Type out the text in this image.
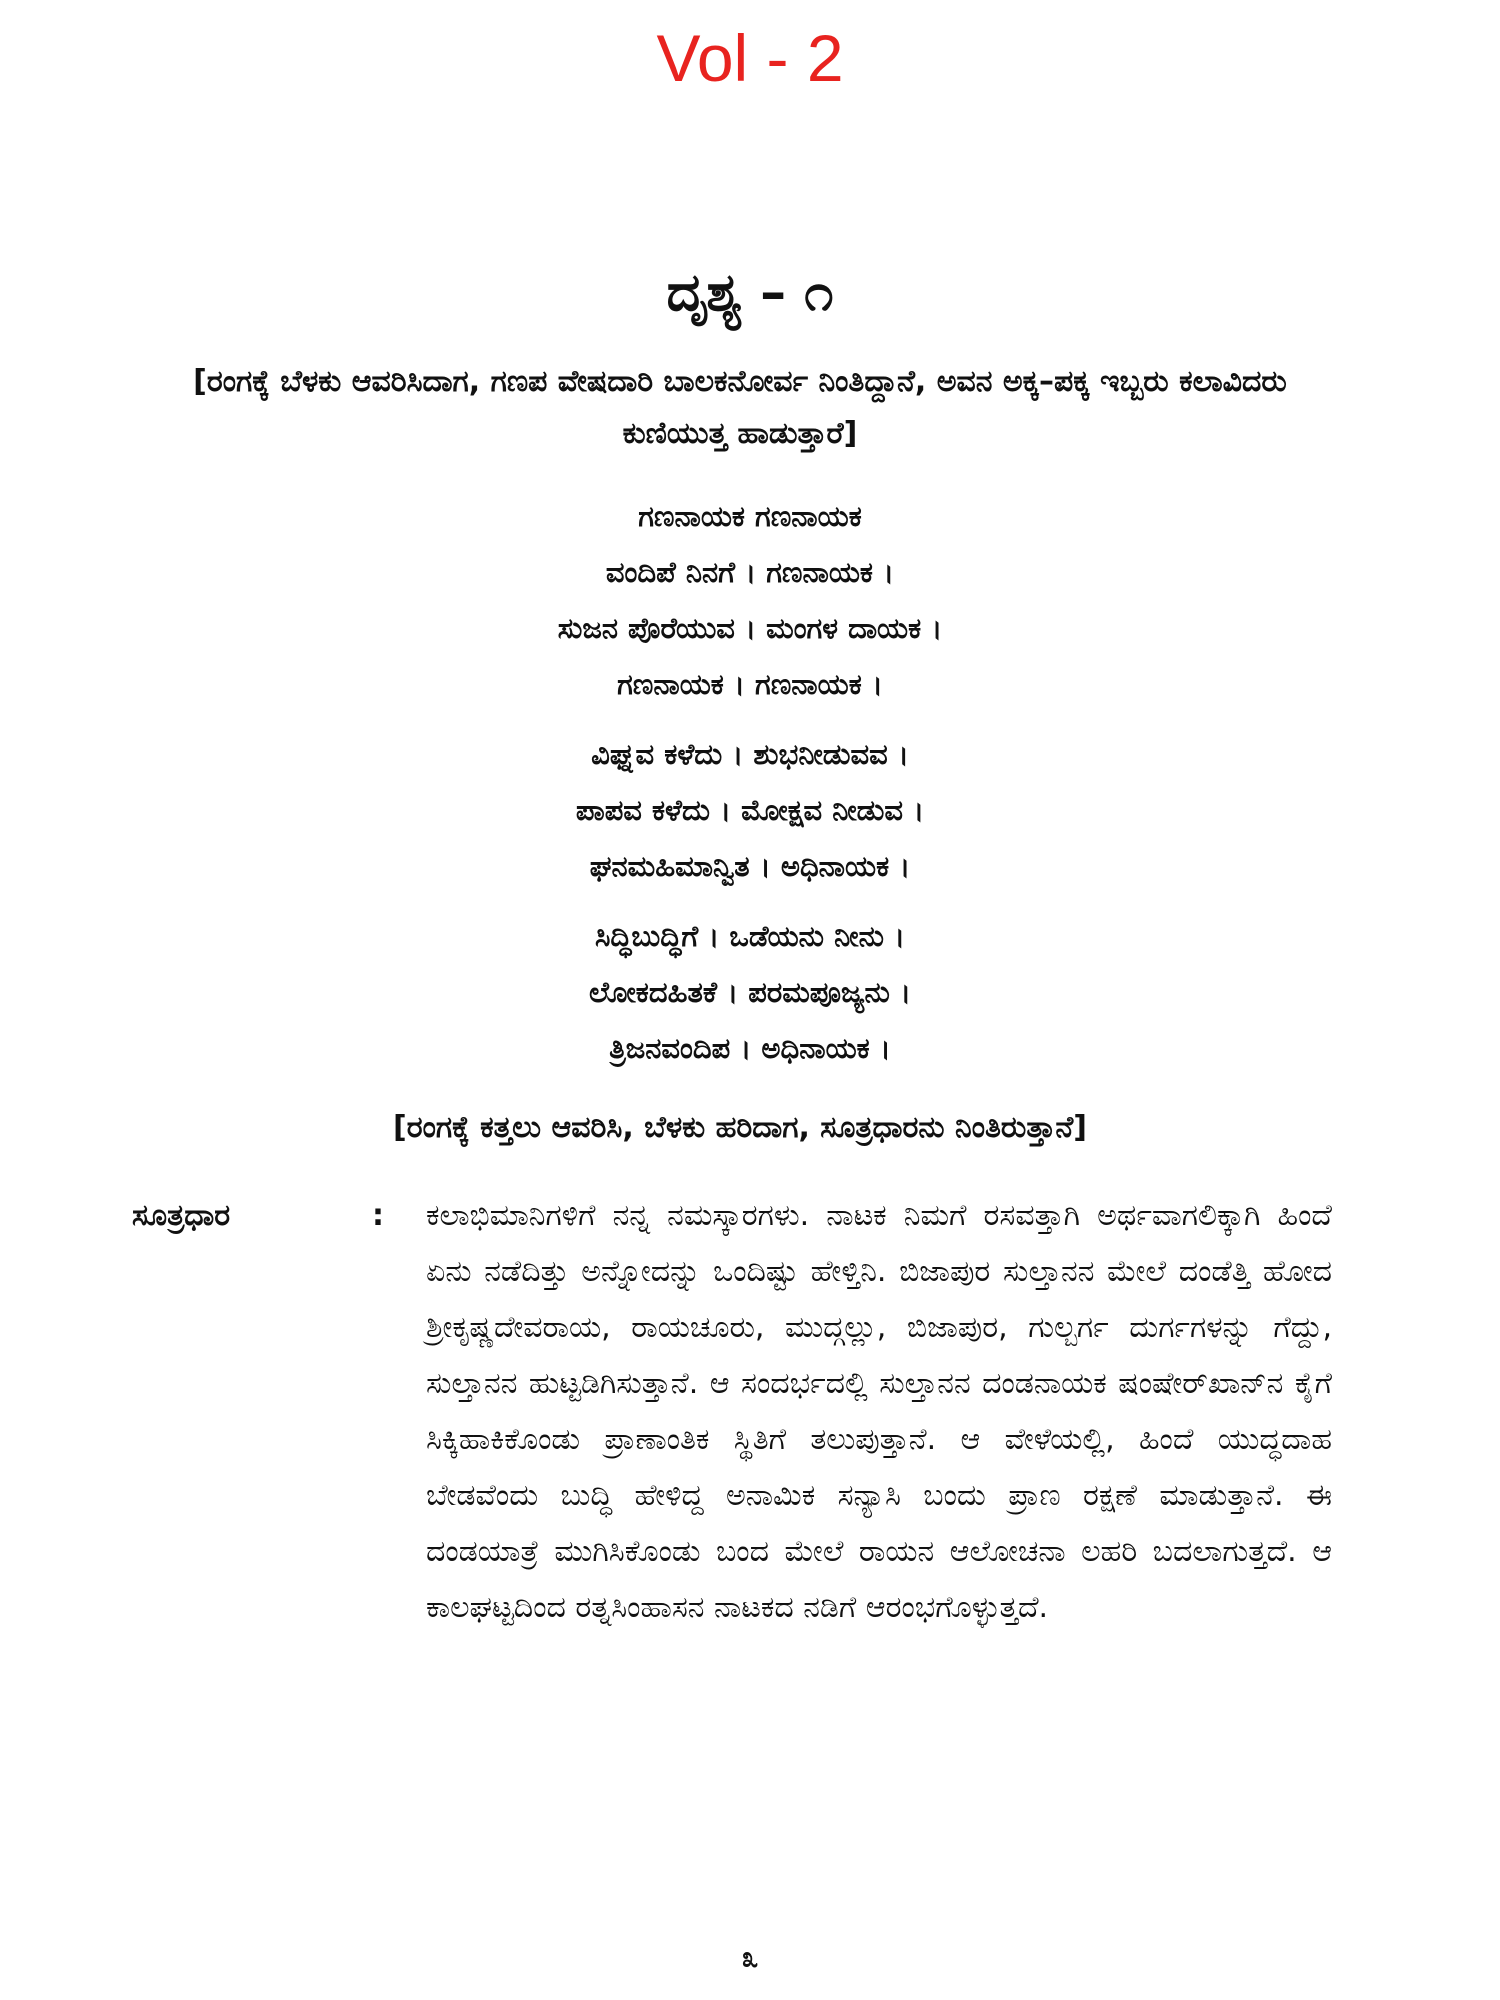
Vol - 2
ದೃಶ್ಯ – ೧
[ರಂಗಕ್ಕೆ ಬೆಳಕು ಆವರಿಸಿದಾಗ, ಗಣಪ ವೇಷದಾರಿ ಬಾಲಕನೋರ್ವ ನಿಂತಿದ್ದಾನೆ, ಅವನ ಅಕ್ಕ–ಪಕ್ಕ ಇಬ್ಬರು ಕಲಾವಿದರು ಕುಣಿಯುತ್ತ ಹಾಡುತ್ತಾರೆ]
ಗಣನಾಯಕ ಗಣನಾಯಕ
ವಂದಿಪೆ ನಿನಗೆ । ಗಣನಾಯಕ ।
ಸುಜನ ಪೊರೆಯುವ । ಮಂಗಳ ದಾಯಕ ।
ಗಣನಾಯಕ । ಗಣನಾಯಕ ।
ವಿಘ್ನವ ಕಳೆದು । ಶುಭನೀಡುವವ ।
ಪಾಪವ ಕಳೆದು । ಮೋಕ್ಷವ ನೀಡುವ ।
ಘನಮಹಿಮಾನ್ವಿತ । ಅಧಿನಾಯಕ ।
ಸಿದ್ಧಿಬುದ್ಧಿಗೆ । ಒಡೆಯನು ನೀನು ।
ಲೋಕದಹಿತಕೆ । ಪರಮಪೂಜ್ಯನು ।
ತ್ರಿಜನವಂದಿಪ । ಅಧಿನಾಯಕ ।
[ರಂಗಕ್ಕೆ ಕತ್ತಲು ಆವರಿಸಿ, ಬೆಳಕು ಹರಿದಾಗ, ಸೂತ್ರಧಾರನು ನಿಂತಿರುತ್ತಾನೆ]
ಸೂತ್ರಧಾರ	: ಕಲಾಭಿಮಾನಿಗಳಿಗೆ ನನ್ನ ನಮಸ್ಕಾರಗಳು. ನಾಟಕ ನಿಮಗೆ ರಸವತ್ತಾಗಿ ಅರ್ಥವಾಗಲಿಕ್ಕಾಗಿ ಹಿಂದೆ ಏನು ನಡೆದಿತ್ತು ಅನ್ನೋದನ್ನು ಒಂದಿಷ್ಟು ಹೇಳ್ತಿನಿ. ಬಿಜಾಪುರ ಸುಲ್ತಾನನ ಮೇಲೆ ದಂಡೆತ್ತಿ ಹೋದ ಶ್ರೀಕೃಷ್ಣದೇವರಾಯ, ರಾಯಚೂರು, ಮುದ್ಗಲ್ಲು, ಬಿಜಾಪುರ, ಗುಲ್ಬರ್ಗ ದುರ್ಗಗಳನ್ನು ಗೆದ್ದು, ಸುಲ್ತಾನನ ಹುಟ್ಟಡಿಗಿಸುತ್ತಾನೆ. ಆ ಸಂದರ್ಭದಲ್ಲಿ ಸುಲ್ತಾನನ ದಂಡನಾಯಕ ಷಂಷೇರ್‌ಖಾನ್‌ನ ಕೈಗೆ ಸಿಕ್ಕಿಹಾಕಿಕೊಂಡು ಪ್ರಾಣಾಂತಿಕ ಸ್ಥಿತಿಗೆ ತಲುಪುತ್ತಾನೆ. ಆ ವೇಳೆಯಲ್ಲಿ, ಹಿಂದೆ ಯುದ್ಧದಾಹ ಬೇಡವೆಂದು ಬುದ್ಧಿ ಹೇಳಿದ್ದ ಅನಾಮಿಕ ಸನ್ಯಾಸಿ ಬಂದು ಪ್ರಾಣ ರಕ್ಷಣೆ ಮಾಡುತ್ತಾನೆ. ಈ ದಂಡಯಾತ್ರೆ ಮುಗಿಸಿಕೊಂಡು ಬಂದ ಮೇಲೆ ರಾಯನ ಆಲೋಚನಾ ಲಹರಿ ಬದಲಾಗುತ್ತದೆ. ಆ ಕಾಲಘಟ್ಟದಿಂದ ರತ್ನಸಿಂಹಾಸನ ನಾಟಕದ ನಡಿಗೆ ಆರಂಭಗೊಳ್ಳುತ್ತದೆ.
೩
